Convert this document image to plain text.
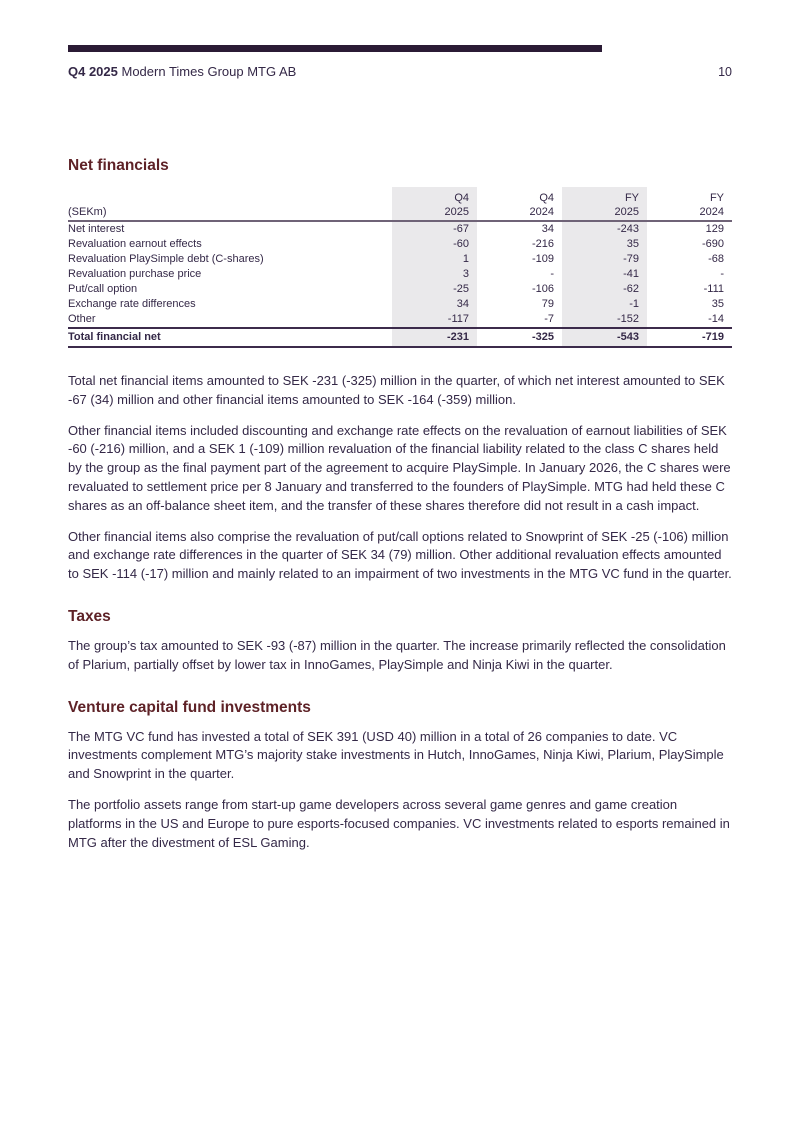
Q4 2025 Modern Times Group MTG AB	10
Net financials
	Q4	Q4	FY	FY
(SEKm)	2025	2024	2025	2024
Net interest	-67	34	-243	129
Revaluation earnout effects	-60	-216	35	-690
Revaluation PlaySimple debt (C-shares)	1	-109	-79	-68
Revaluation purchase price	3	-	-41	-
Put/call option	-25	-106	-62	-111
Exchange rate differences	34	79	-1	35
Other	-117	-7	-152	-14
Total financial net	-231	-325	-543	-719

Total net financial items amounted to SEK -231 (-325) million in the quarter, of which net interest amounted to SEK -67 (34) million and other financial items amounted to SEK -164 (-359) million.

Other financial items included discounting and exchange rate effects on the revaluation of earnout liabilities of SEK -60 (-216) million, and a SEK 1 (-109) million revaluation of the financial liability related to the class C shares held by the group as the final payment part of the agreement to acquire PlaySimple. In January 2026, the C shares were revaluated to settlement price per 8 January and transferred to the founders of PlaySimple. MTG had held these C shares as an off-balance sheet item, and the transfer of these shares therefore did not result in a cash impact.

Other financial items also comprise the revaluation of put/call options related to Snowprint of SEK -25 (-106) million and exchange rate differences in the quarter of SEK 34 (79) million. Other additional revaluation effects amounted to SEK -114 (-17) million and mainly related to an impairment of two investments in the MTG VC fund in the quarter.

Taxes

The group’s tax amounted to SEK -93 (-87) million in the quarter. The increase primarily reflected the consolidation of Plarium, partially offset by lower tax in InnoGames, PlaySimple and Ninja Kiwi in the quarter.

Venture capital fund investments

The MTG VC fund has invested a total of SEK 391 (USD 40) million in a total of 26 companies to date. VC investments complement MTG’s majority stake investments in Hutch, InnoGames, Ninja Kiwi, Plarium, PlaySimple and Snowprint in the quarter.

The portfolio assets range from start-up game developers across several game genres and game creation platforms in the US and Europe to pure esports-focused companies. VC investments related to esports remained in MTG after the divestment of ESL Gaming.
